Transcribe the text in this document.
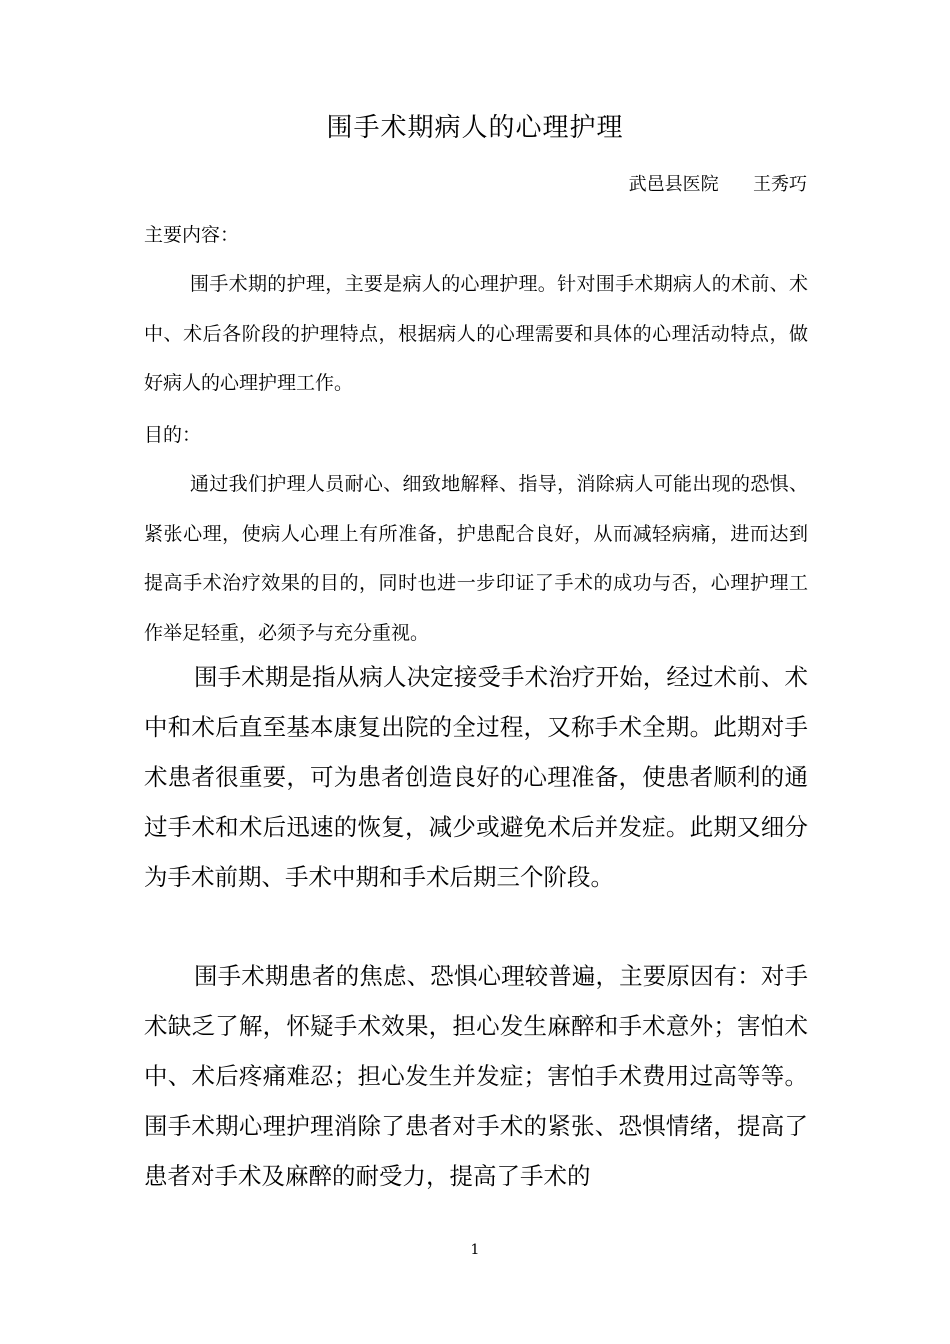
围手术期病人的心理护理
武邑县医院      王秀巧
主要内容：

围手术期的护理，主要是病人的心理护理。针对围手术期病人的术前、术中、术后各阶段的护理特点，根据病人的心理需要和具体的心理活动特点，做好病人的心理护理工作。

目的：

通过我们护理人员耐心、细致地解释、指导，消除病人可能出现的恐惧、紧张心理，使病人心理上有所准备，护患配合良好，从而减轻病痛，进而达到提高手术治疗效果的目的，同时也进一步印证了手术的成功与否，心理护理工作举足轻重，必须予与充分重视。

围手术期是指从病人决定接受手术治疗开始，经过术前、术中和术后直至基本康复出院的全过程，又称手术全期。此期对手术患者很重要，可为患者创造良好的心理准备，使患者顺利的通过手术和术后迅速的恢复，减少或避免术后并发症。此期又细分为手术前期、手术中期和手术后期三个阶段。

围手术期患者的焦虑、恐惧心理较普遍，主要原因有：对手术缺乏了解，怀疑手术效果，担心发生麻醉和手术意外；害怕术中、术后疼痛难忍；担心发生并发症；害怕手术费用过高等等。围手术期心理护理消除了患者对手术的紧张、恐惧情绪，提高了患者对手术及麻醉的耐受力，提高了手术的

1
